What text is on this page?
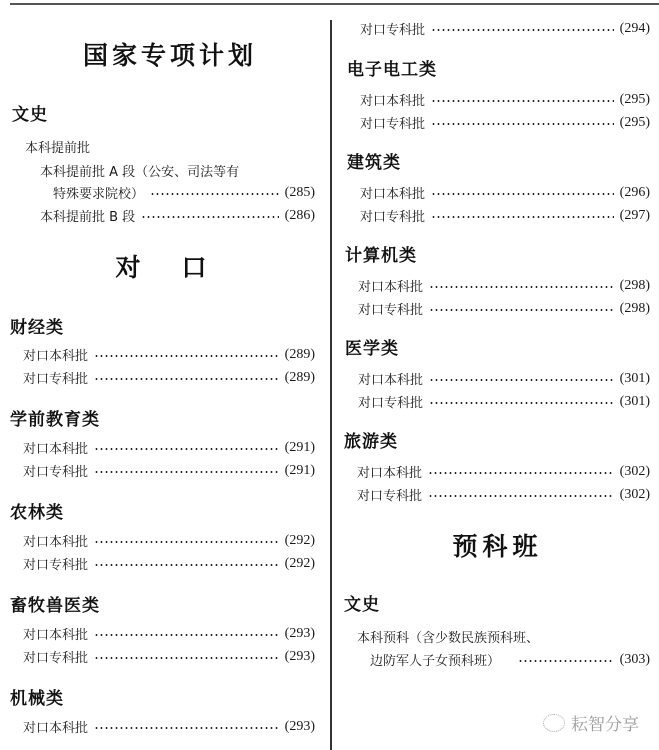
国家专项计划
文史
本科提前批
本科提前批 A 段（公安、司法等有
特殊要求院校）	(285)
本科提前批 B 段	(286)
对　口
财经类
对口本科批	(289)
对口专科批	(289)
学前教育类
对口本科批	(291)
对口专科批	(291)
农林类
对口本科批	(292)
对口专科批	(292)
畜牧兽医类
对口本科批	(293)
对口专科批	(293)
机械类
对口本科批	(293)
对口专科批	(294)
电子电工类
对口本科批	(295)
对口专科批	(295)
建筑类
对口本科批	(296)
对口专科批	(297)
计算机类
对口本科批	(298)
对口专科批	(298)
医学类
对口本科批	(301)
对口专科批	(301)
旅游类
对口本科批	(302)
对口专科批	(302)
预科班
文史
本科预科（含少数民族预科班、
边防军人子女预科班）	(303)
耘智分享
